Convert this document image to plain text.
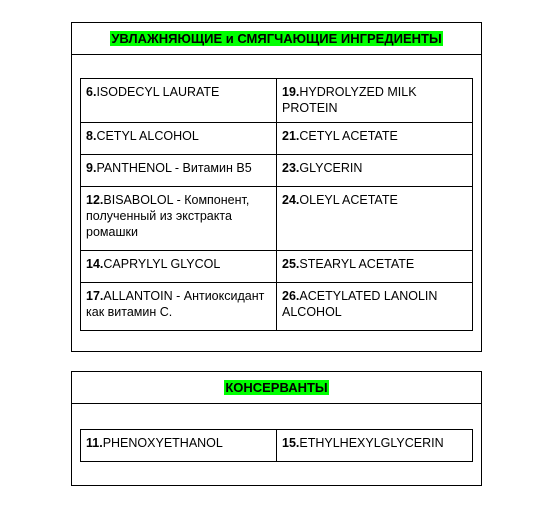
УВЛАЖНЯЮЩИЕ и СМЯГЧАЮЩИЕ ИНГРЕДИЕНТЫ
6.ISODECYL LAURATE	19.HYDROLYZED MILK PROTEIN
8.CETYL ALCOHOL	21.CETYL ACETATE
9.PANTHENOL - Витамин B5	23.GLYCERIN
12.BISABOLOL - Компонент, полученный из экстракта ромашки	24.OLEYL ACETATE
14.CAPRYLYL GLYCOL	25.STEARYL ACETATE
17.ALLANTOIN - Антиоксидант как витамин C.	26.ACETYLATED LANOLIN ALCOHOL
КОНСЕРВАНТЫ
11.PHENOXYETHANOL	15.ETHYLHEXYLGLYCERIN
